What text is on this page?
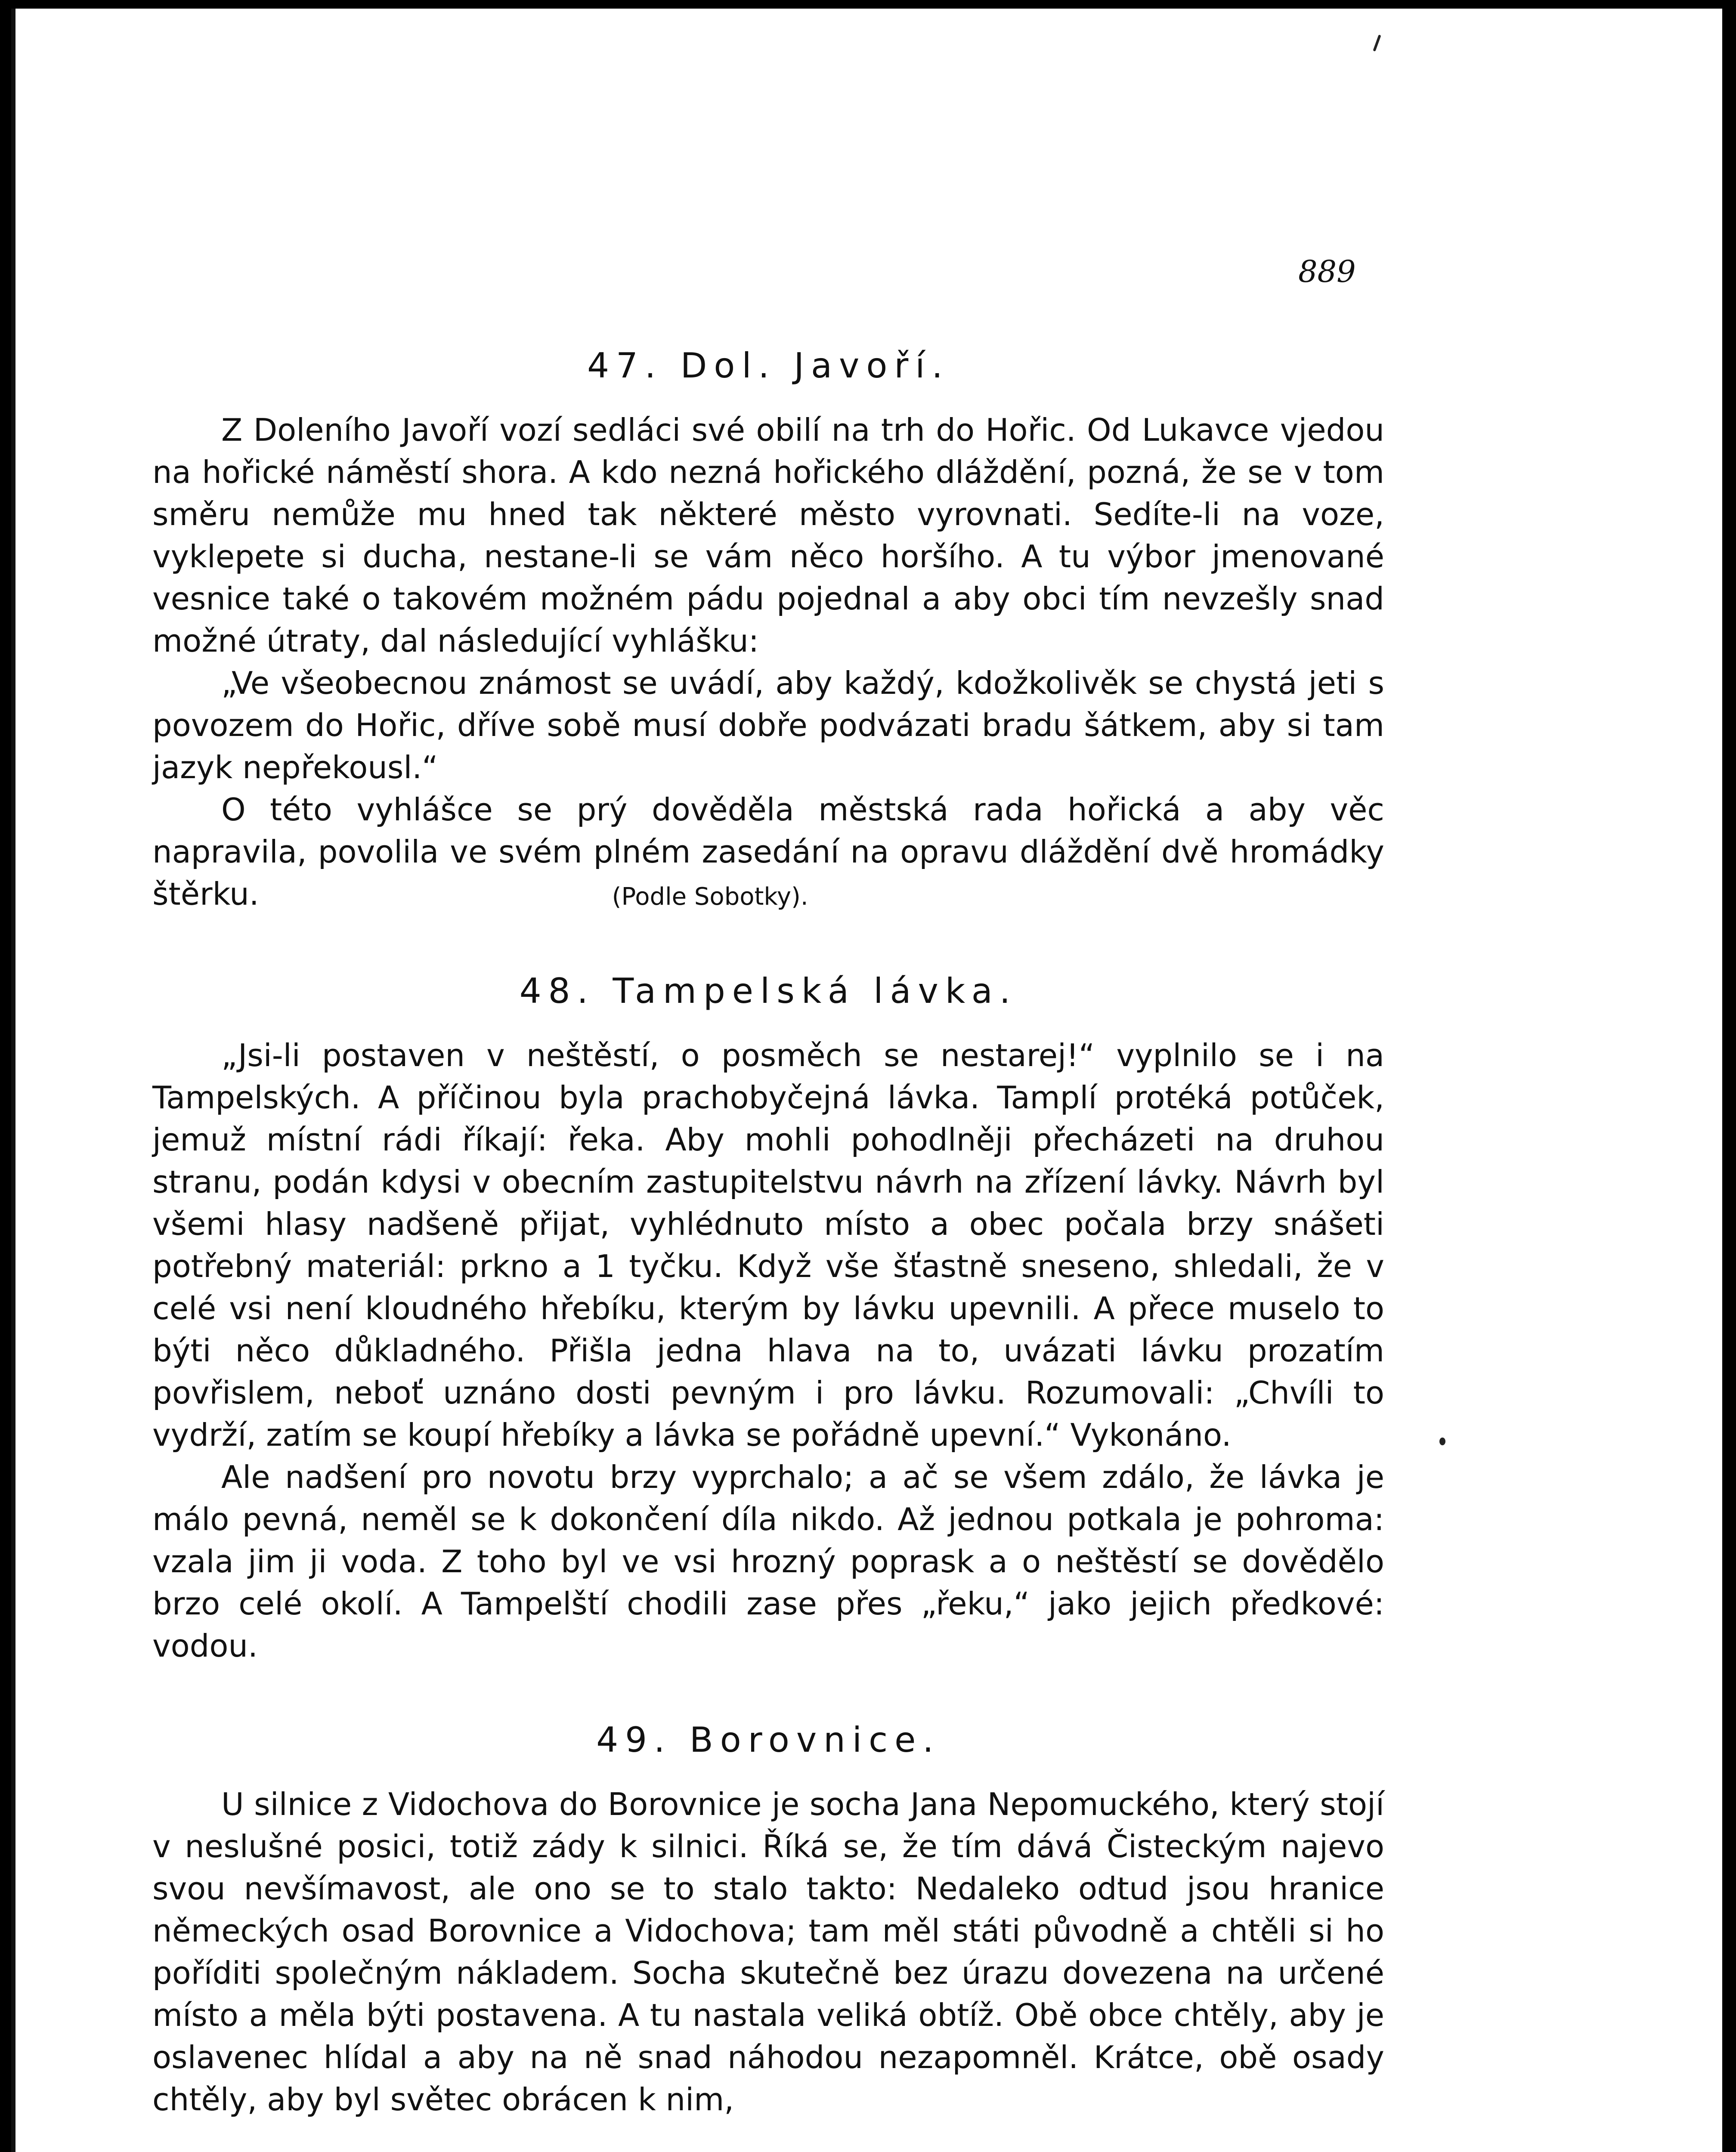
889
47. Dol. Javoří.

Z Doleního Javoří vozí sedláci své obilí na trh do Hořic. Od Lukavce vjedou na hořické náměstí shora. A kdo nezná hořického dláždění, pozná, že se v tom směru nemůže mu hned tak některé město vyrovnati. Sedíte-li na voze, vyklepete si ducha, nestane-li se vám něco horšího. A tu výbor jmenované vesnice také o takovém možném pádu pojednal a aby obci tím nevzešly snad možné útraty, dal následující vyhlášku:

„Ve všeobecnou známost se uvádí, aby každý, kdožkolivěk se chystá jeti s povozem do Hořic, dříve sobě musí dobře podvázati bradu šátkem, aby si tam jazyk nepřekousl.“

O této vyhlášce se prý dověděla městská rada hořická a aby věc napravila, povolila ve svém plném zasedání na opravu dláždění dvě hromádky štěrku.	(Podle Sobotky).

48. Tampelská lávka.

„Jsi-li postaven v neštěstí, o posměch se nestarej!“ vyplnilo se i na Tampelských. A příčinou byla prachobyčejná lávka. Tamplí protéká potůček, jemuž místní rádi říkají: řeka. Aby mohli pohodlněji přecházeti na druhou stranu, podán kdysi v obecním zastupitelstvu návrh na zřízení lávky. Návrh byl všemi hlasy nadšeně přijat, vyhlédnuto místo a obec počala brzy snášeti potřebný materiál: prkno a 1 tyčku. Když vše šťastně sneseno, shledali, že v celé vsi není kloudného hřebíku, kterým by lávku upevnili. A přece muselo to býti něco důkladného. Přišla jedna hlava na to, uvázati lávku prozatím povřislem, neboť uznáno dosti pevným i pro lávku. Rozumovali: „Chvíli to vydrží, zatím se koupí hřebíky a lávka se pořádně upevní.“ Vykonáno.

Ale nadšení pro novotu brzy vyprchalo; a ač se všem zdálo, že lávka je málo pevná, neměl se k dokončení díla nikdo. Až jednou potkala je pohroma: vzala jim ji voda. Z toho byl ve vsi hrozný poprask a o neštěstí se dovědělo brzo celé okolí. A Tampelští chodili zase přes „řeku,“ jako jejich předkové: vodou.

49. Borovnice.

U silnice z Vidochova do Borovnice je socha Jana Nepomuckého, který stojí v neslušné posici, totiž zády k silnici. Říká se, že tím dává Čisteckým najevo svou nevšímavost, ale ono se to stalo takto: Nedaleko odtud jsou hranice německých osad Borovnice a Vidochova; tam měl státi původně a chtěli si ho poříditi společným nákladem. Socha skutečně bez úrazu dovezena na určené místo a měla býti postavena. A tu nastala veliká obtíž. Obě obce chtěly, aby je oslavenec hlídal a aby na ně snad náhodou nezapomněl. Krátce, obě osady chtěly, aby byl světec obrácen k nim,
